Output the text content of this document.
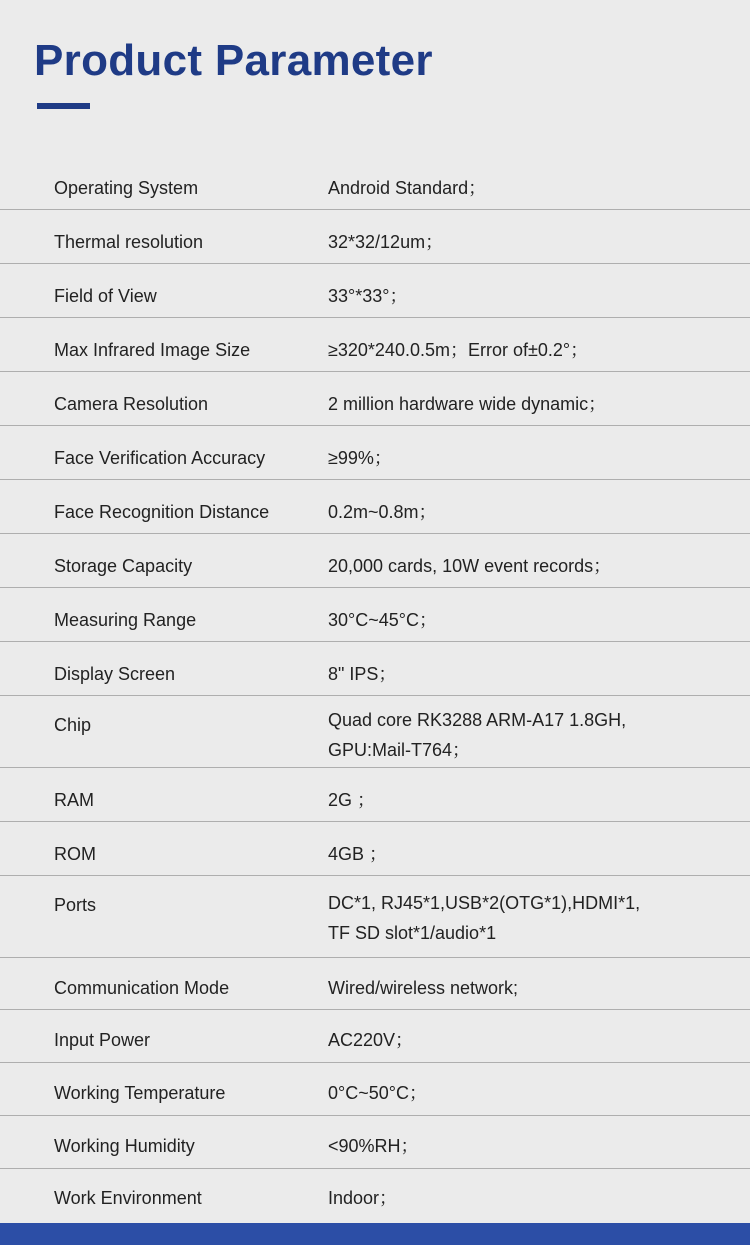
Product Parameter
Operating System	Android Standard；
Thermal resolution	32*32/12um；
Field of View	33°*33°；
Max Infrared Image Size	≥320*240.0.5m；Error of±0.2°；
Camera Resolution	2 million hardware wide dynamic；
Face Verification Accuracy	≥99%；
Face Recognition Distance	0.2m~0.8m；
Storage Capacity	20,000 cards, 10W event records；
Measuring Range	30°C~45°C；
Display Screen	8" IPS；
Chip	Quad core RK3288 ARM-A17 1.8GH,
GPU:Mail-T764；
RAM	2G ；
ROM	4GB ；
Ports	DC*1, RJ45*1,USB*2(OTG*1),HDMI*1,
TF SD slot*1/audio*1
Communication Mode	Wired/wireless network;
Input Power	AC220V；
Working Temperature	0°C~50°C；
Working Humidity	<90%RH；
Work Environment	Indoor；
